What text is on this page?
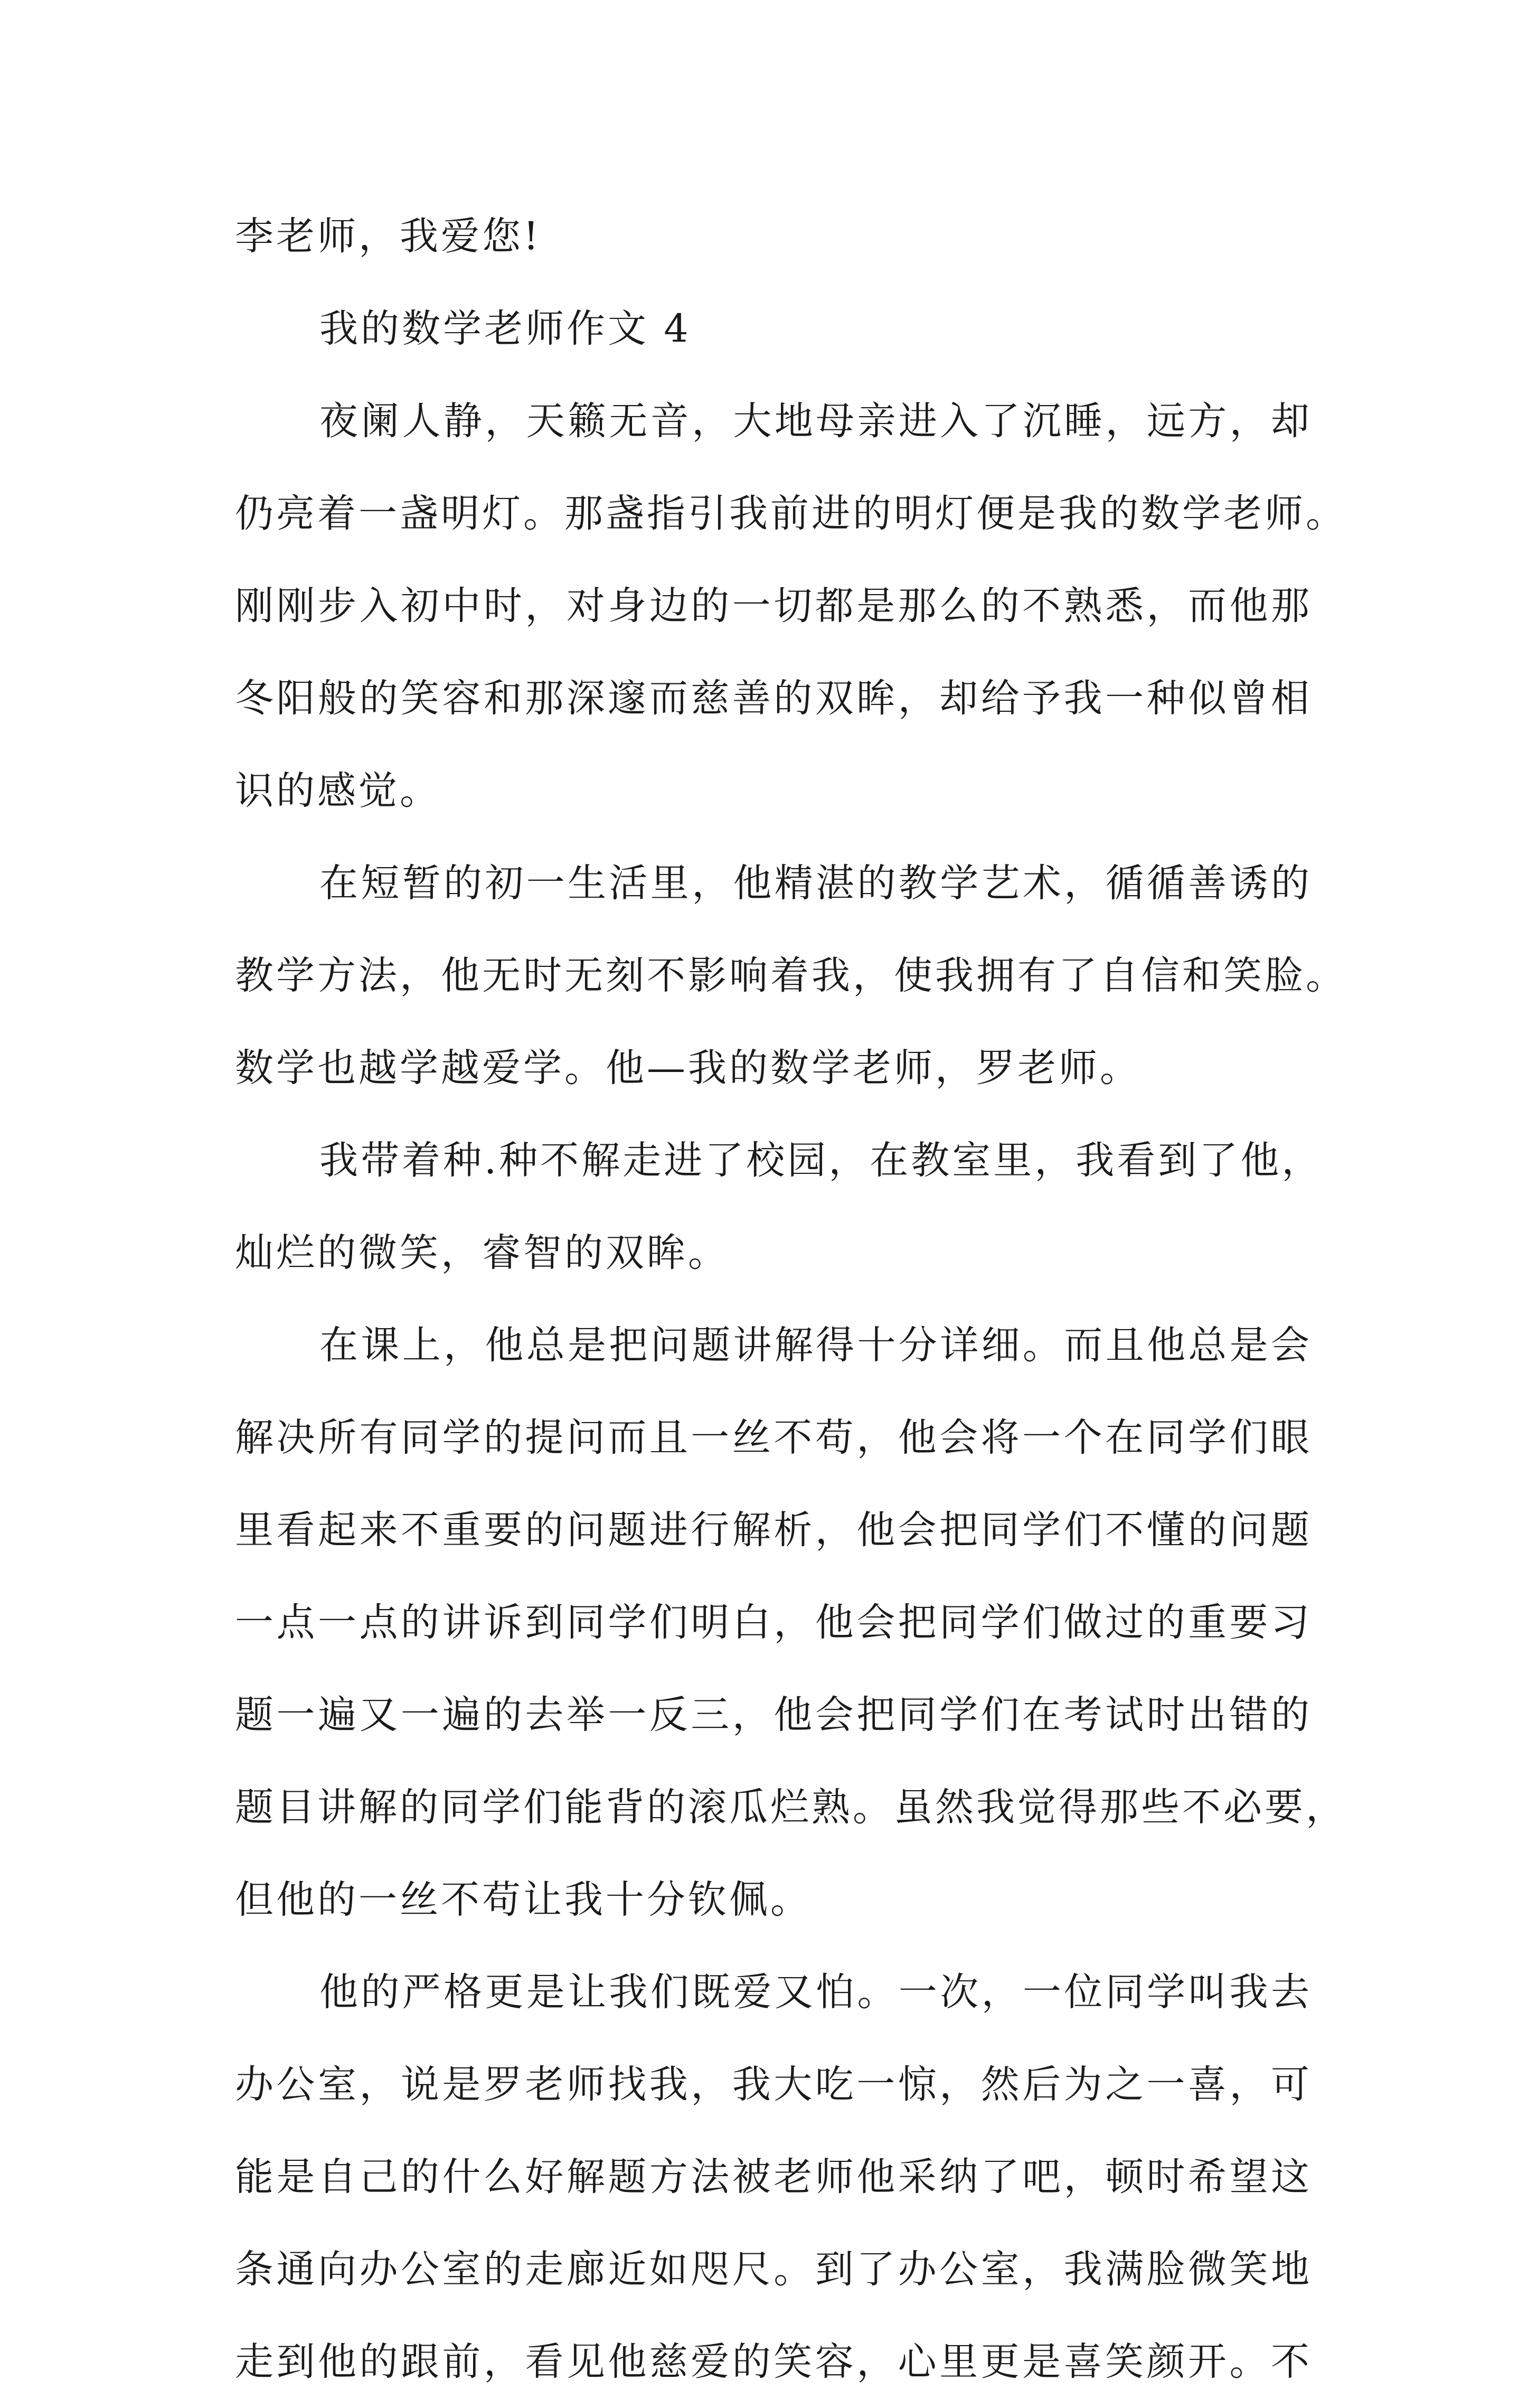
李老师，我爱您!
我的数学老师作文 4
夜阑人静，天籁无音，大地母亲进入了沉睡，远方，却
仍亮着一盏明灯。那盏指引我前进的明灯便是我的数学老师。
刚刚步入初中时，对身边的一切都是那么的不熟悉，而他那
冬阳般的笑容和那深邃而慈善的双眸，却给予我一种似曾相
识的感觉。
在短暂的初一生活里，他精湛的教学艺术，循循善诱的
教学方法，他无时无刻不影响着我，使我拥有了自信和笑脸。
数学也越学越爱学。他—我的数学老师，罗老师。
我带着种.种不解走进了校园，在教室里，我看到了他，
灿烂的微笑，睿智的双眸。
在课上，他总是把问题讲解得十分详细。而且他总是会
解决所有同学的提问而且一丝不苟，他会将一个在同学们眼
里看起来不重要的问题进行解析，他会把同学们不懂的问题
一点一点的讲诉到同学们明白，他会把同学们做过的重要习
题一遍又一遍的去举一反三，他会把同学们在考试时出错的
题目讲解的同学们能背的滚瓜烂熟。虽然我觉得那些不必要，
但他的一丝不苟让我十分钦佩。
他的严格更是让我们既爱又怕。一次，一位同学叫我去
办公室，说是罗老师找我，我大吃一惊，然后为之一喜，可
能是自己的什么好解题方法被老师他采纳了吧，顿时希望这
条通向办公室的走廊近如咫尺。到了办公室，我满脸微笑地
走到他的跟前，看见他慈爱的笑容，心里更是喜笑颜开。不
